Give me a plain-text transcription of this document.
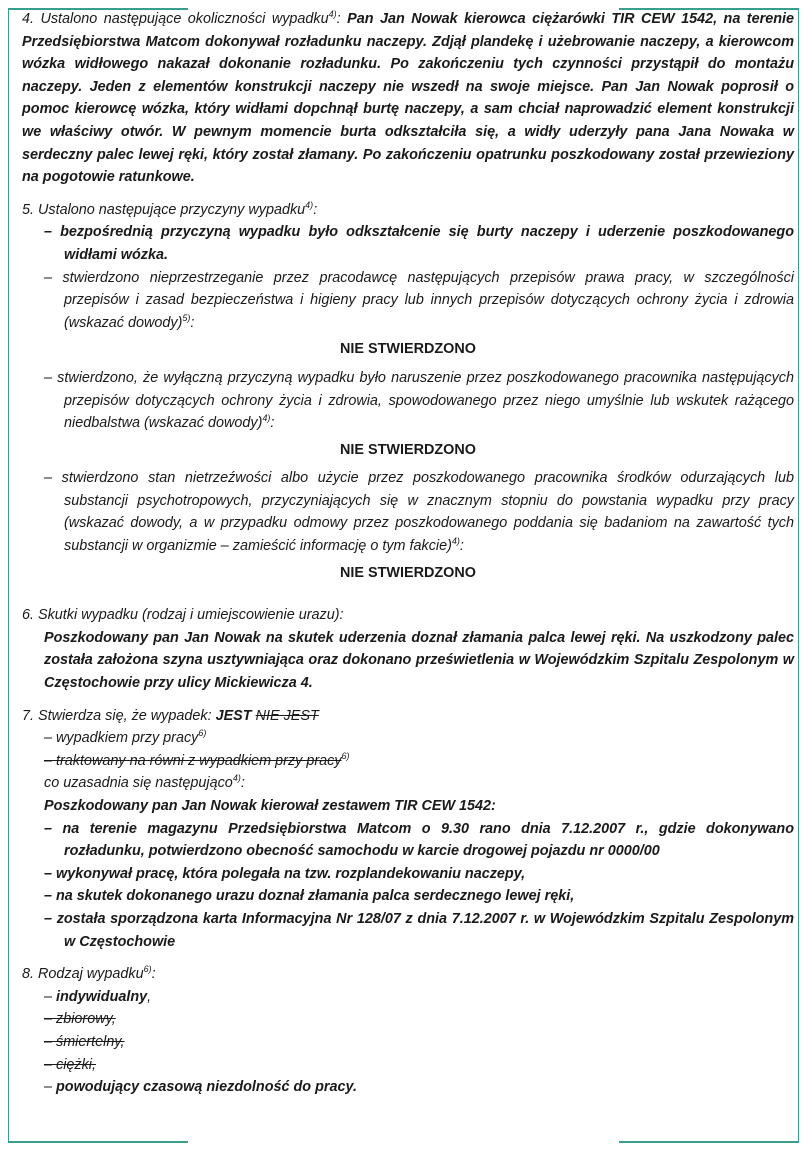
4. Ustalono następujące okoliczności wypadku$^{4)}$: Pan Jan Nowak kierowca ciężarówki TIR CEW 1542, na terenie Przedsiębiorstwa Matcom dokonywał rozładunku naczepy. Zdjął plandekę i użebrowanie naczepy, a kierowcom wózka widłowego nakazał dokonanie rozładunku. Po zakończeniu tych czynności przystąpił do montażu naczepy. Jeden z elementów konstrukcji naczepy nie wszedł na swoje miejsce. Pan Jan Nowak poprosił o pomoc kierowcę wózka, który widłami dopchnął burtę naczepy, a sam chciał naprowadzić element konstrukcji we właściwy otwór. W pewnym momencie burta odkształciła się, a widły uderzyły pana Jana Nowaka w serdeczny palec lewej ręki, który został złamany. Po zakończeniu opatrunku poszkodowany został przewieziony na pogotowie ratunkowe.

5. Ustalono następujące przyczyny wypadku$^{4)}$:

– bezpośrednią przyczyną wypadku było odkształcenie się burty naczepy i uderzenie poszkodowanego widłami wózka.

– stwierdzono nieprzestrzeganie przez pracodawcę następujących przepisów prawa pracy, w szczególności przepisów i zasad bezpieczeństwa i higieny pracy lub innych przepisów dotyczących ochrony życia i zdrowia (wskazać dowody)$^{5)}$:

NIE STWIERDZONO

– stwierdzono, że wyłączną przyczyną wypadku było naruszenie przez poszkodowanego pracownika następujących przepisów dotyczących ochrony życia i zdrowia, spowodowanego przez niego umyślnie lub wskutek rażącego niedbalstwa (wskazać dowody)$^{4)}$:

NIE STWIERDZONO

– stwierdzono stan nietrzeźwości albo użycie przez poszkodowanego pracownika środków odurzających lub substancji psychotropowych, przyczyniających się w znacznym stopniu do powstania wypadku przy pracy (wskazać dowody, a w przypadku odmowy przez poszkodowanego poddania się badaniom na zawartość tych substancji w organizmie – zamieścić informację o tym fakcie)$^{4)}$:

NIE STWIERDZONO

6. Skutki wypadku (rodzaj i umiejscowienie urazu):

Poszkodowany pan Jan Nowak na skutek uderzenia doznał złamania palca lewej ręki. Na uszkodzony palec została założona szyna usztywniająca oraz dokonano prześwietlenia w Wojewódzkim Szpitalu Zespolonym w Częstochowie przy ulicy Mickiewicza 4.

7. Stwierdza się, że wypadek: JEST NIE JEST

– wypadkiem przy pracy$^{6)}$

– traktowany na równi z wypadkiem przy pracy$^{6)}$

co uzasadnia się następująco$^{4)}$:

Poszkodowany pan Jan Nowak kierował zestawem TIR CEW 1542:

– na terenie magazynu Przedsiębiorstwa Matcom o 9.30 rano dnia 7.12.2007 r., gdzie dokonywano rozładunku, potwierdzono obecność samochodu w karcie drogowej pojazdu nr 0000/00

– wykonywał pracę, która polegała na tzw. rozplandekowaniu naczepy,

– na skutek dokonanego urazu doznał złamania palca serdecznego lewej ręki,

– została sporządzona karta Informacyjna Nr 128/07 z dnia 7.12.2007 r. w Wojewódzkim Szpitalu Zespolonym w Częstochowie

8. Rodzaj wypadku$^{6)}$:

– indywidualny,

– zbiorowy,

– śmiertelny,

– ciężki,

– powodujący czasową niezdolność do pracy.
